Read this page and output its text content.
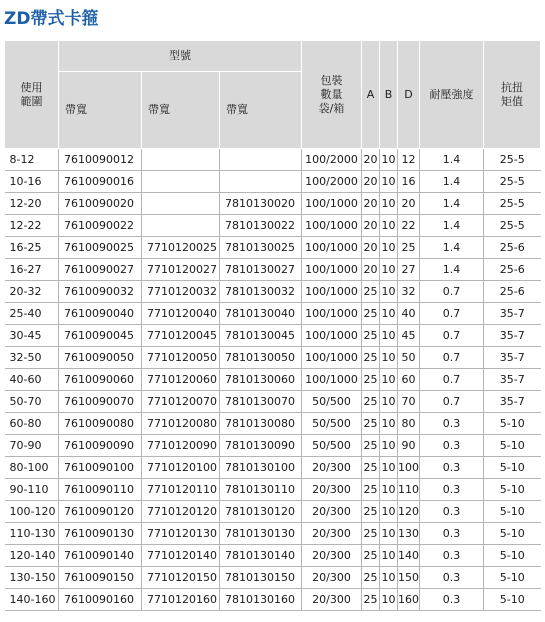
ZD帶式卡箍
使用範圍	型號			包裝數量袋/箱	A	B	D	耐壓強度	抗扭矩值
	帶寬	帶寬	帶寬						
8-12	7610090012			100/2000	20	10	12	1.4	25-5
10-16	7610090016			100/2000	20	10	16	1.4	25-5
12-20	7610090020		7810130020	100/1000	20	10	20	1.4	25-5
12-22	7610090022		7810130022	100/1000	20	10	22	1.4	25-5
16-25	7610090025	7710120025	7810130025	100/1000	20	10	25	1.4	25-6
16-27	7610090027	7710120027	7810130027	100/1000	20	10	27	1.4	25-6
20-32	7610090032	7710120032	7810130032	100/1000	25	10	32	0.7	25-6
25-40	7610090040	7710120040	7810130040	100/1000	25	10	40	0.7	35-7
30-45	7610090045	7710120045	7810130045	100/1000	25	10	45	0.7	35-7
32-50	7610090050	7710120050	7810130050	100/1000	25	10	50	0.7	35-7
40-60	7610090060	7710120060	7810130060	100/1000	25	10	60	0.7	35-7
50-70	7610090070	7710120070	7810130070	50/500	25	10	70	0.7	35-7
60-80	7610090080	7710120080	7810130080	50/500	25	10	80	0.3	5-10
70-90	7610090090	7710120090	7810130090	50/500	25	10	90	0.3	5-10
80-100	7610090100	7710120100	7810130100	20/300	25	10	100	0.3	5-10
90-110	7610090110	7710120110	7810130110	20/300	25	10	110	0.3	5-10
100-120	7610090120	7710120120	7810130120	20/300	25	10	120	0.3	5-10
110-130	7610090130	7710120130	7810130130	20/300	25	10	130	0.3	5-10
120-140	7610090140	7710120140	7810130140	20/300	25	10	140	0.3	5-10
130-150	7610090150	7710120150	7810130150	20/300	25	10	150	0.3	5-10
140-160	7610090160	7710120160	7810130160	20/300	25	10	160	0.3	5-10
